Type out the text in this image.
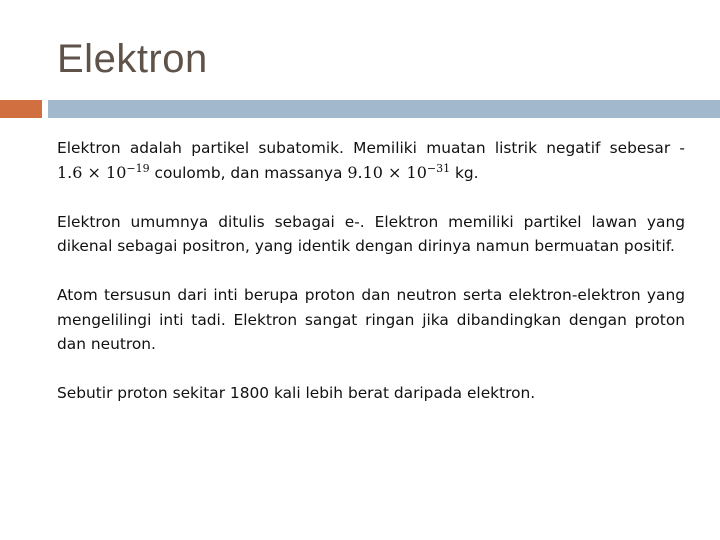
Elektron

Elektron adalah partikel subatomik. Memiliki muatan listrik negatif sebesar - $1.6 \times 10^{-19}$ coulomb, dan massanya $9.10 \times 10^{-31}$ kg.

Elektron umumnya ditulis sebagai e-. Elektron memiliki partikel lawan yang dikenal sebagai positron, yang identik dengan dirinya namun bermuatan positif.

Atom tersusun dari inti berupa proton dan neutron serta elektron-elektron yang mengelilingi inti tadi. Elektron sangat ringan jika dibandingkan dengan proton dan neutron.

Sebutir proton sekitar 1800 kali lebih berat daripada elektron.
